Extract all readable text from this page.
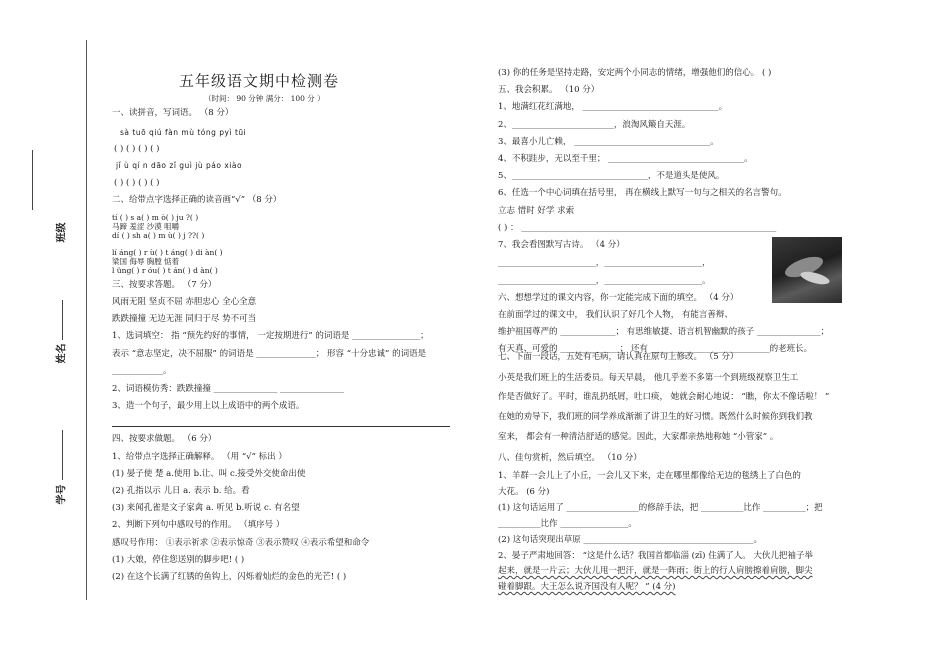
班级
姓名
学号
五年级语文期中检测卷
（时间： 90 分钟 满分： 100 分 ）
一、读拼音，写词语。 （8 分）
sà tuō qiú fàn mù tóng pyì tūi
( ) ( ) ( ) ( )
jǐ ù qí n dāo zǐ guì jù páo xiào
( ) ( ) ( ) ( )
二、给带点字选择正确的读音画“√” （8 分）
tí ( ) s a( ) m ò( ) ju ?( )
马蹄 羞涩 沙漠 咀嚼
dí ( ) sh a( ) m ù( ) j ??( )
lí áng( ) r ù( ) t áng( ) di àn( )
梁国 侮辱 胸膛 惦着
l üng( ) r óu( ) t án( ) d àn( )
三、按要求答题。 （7 分）
风雨无阻 坚贞不屈 赤胆忠心 全心全意
跌跌撞撞 无边无涯 同归于尽 势不可当
1、选词填空： 指 “预先约好的事情， 一定按期进行” 的词语是 ________________；
表示 “意志坚定，决不屈服” 的词语是 ______________； 形容 “十分忠诚” 的词语是
____________。
2、词语模仿秀：跌跌撞撞 _______________ _______________
3、造一个句子，最少用上以上成语中的两个成语。
四、按要求做题。 （6 分）
1、给带点字选择正确解释。 （用 “√” 标出 ）
(1) 晏子使 楚 a.使用 b.让、叫 c.接受外交使命出使
(2) 孔指以示 儿日 a. 表示 b. 给。看
(3) 来闻孔雀是文子家禽 a. 听见 b.听说 c. 有名望
2、判断下列句中感叹号的作用。 （填序号 ）
感叹号作用： ①表示祈求 ②表示惊奇 ③表示赞叹 ④表示希望和命令
(1) 大娘，停住您送别的脚步吧! ( )
(2) 在这个长满了红锈的鱼钩上，闪烁着灿烂的金色的光芒! ( )
(3) 你的任务是坚持走路，安定两个小同志的情绪，增强他们的信心。 ( )
五、我会积累。 （10 分）
1、地满红花红满地， ________________________________。
2、________________________，浪淘风簸自天涯。
3、最喜小儿亡赖， ________________________________。
4、不积跬步，无以至千里； ________________________________。
5、________________________________，不是道头是使风。
6、任选一个中心词填在括号里， 再在横线上默写一句与之相关的名言警句。
立志 惜时 好学 求索
( ) ： ____________________________________________________________
7、我会看图默写古诗。 （4 分）
_______________________，_______________________，
_______________________，_______________________。
六、想想学过的课文内容，你一定能完成下面的填空。 （4 分）
在前面学过的课文中， 我们认识了好几个人物， 有能言善辩、
维护祖国尊严的 _____________； 有思维敏捷、语言机智幽默的孩子 _______________；
有天真、可爱的 ______________； 还有 ____________________________的老班长。
七、下面一段话，五处有毛病，请认真在原句上修改。 （5 分）
小英是我们班上的生活委员。每天早晨， 他几乎差不多第一个到班级视察卫生工
作是否做好了。平时，谁乱扔纸屑，吐口痰， 她就会耐心地说： “瞧，你太不像话啦！ ”
在她的劝导下，我们班的同学养成渐渐了讲卫生的好习惯。既然什么时候你到我们教
室来， 都会有一种清洁舒适的感觉。因此，大家都亲热地称她 “小管家” 。
八、佳句赏析，然后填空。 （10 分）
1、羊群一会儿上了小丘，一会儿又下来，走在哪里都像给无边的毯绣上了白色的
大花。 (6 分)
(1) 这句话运用了 _________________的修辞手法，把 __________比作 __________；把
__________比作 ________________。
(2) 这句话突现出草原 ________________________________________。
2、晏子严肃地回答： “这是什么话？我国首都临淄 (zī) 住满了人。 大伙儿把袖子举
起来，就是一片云；大伙儿甩一把汗，就是一阵雨；街上的行人肩膀擦着肩膀，脚尖
碰着脚跟。大王怎么说齐国没有人呢？ ” (4 分)
